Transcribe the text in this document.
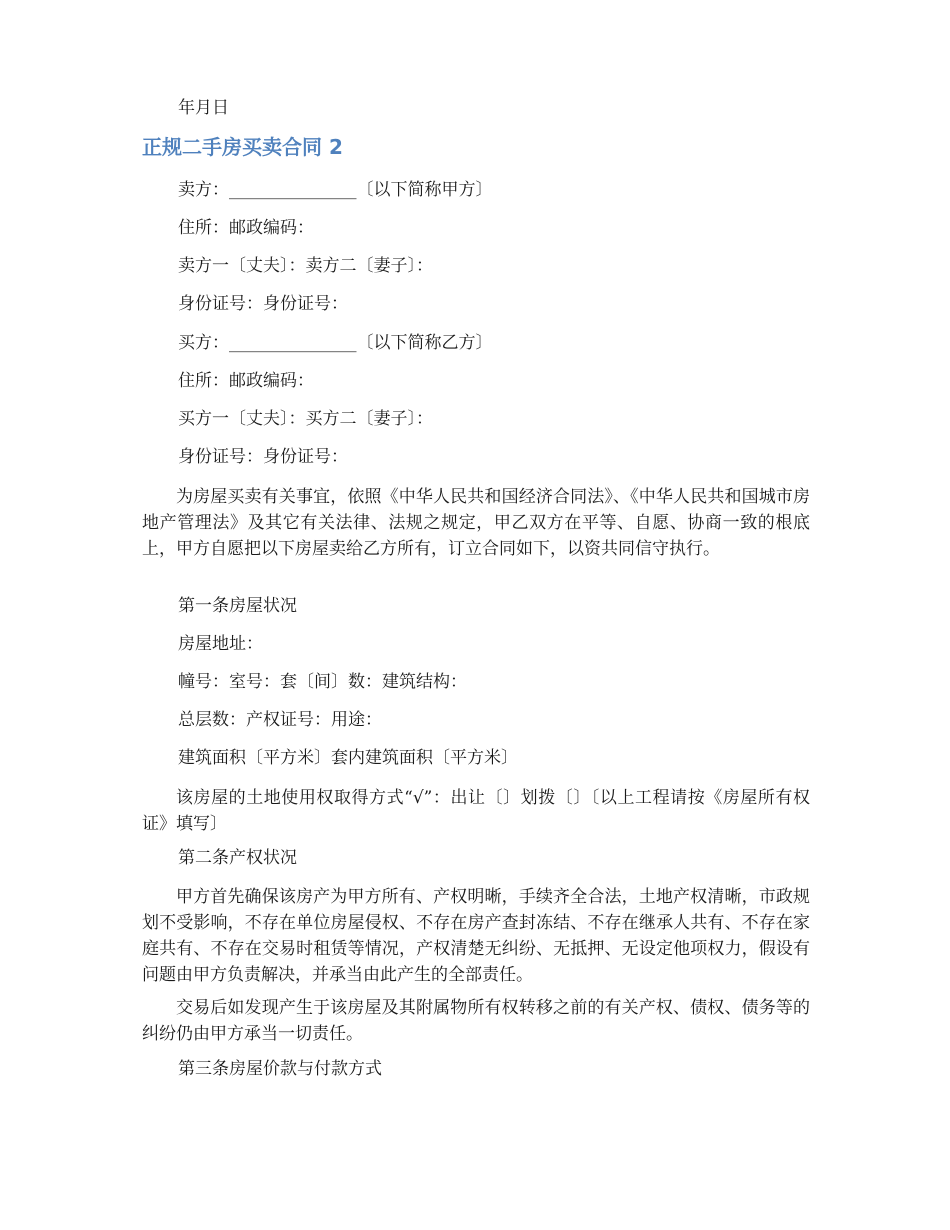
年月日
正规二手房买卖合同 2
卖方：_______________〔以下简称甲方〕
住所：邮政编码：
卖方一〔丈夫〕：卖方二〔妻子〕：
身份证号：身份证号：
买方：_______________〔以下简称乙方〕
住所：邮政编码：
买方一〔丈夫〕：买方二〔妻子〕：
身份证号：身份证号：
为房屋买卖有关事宜，依照《中华人民共和国经济合同法》、《中华人民共和国城市房地产管理法》及其它有关法律、法规之规定，甲乙双方在平等、自愿、协商一致的根底上，甲方自愿把以下房屋卖给乙方所有，订立合同如下，以资共同信守执行。
第一条房屋状况
房屋地址：
幢号：室号：套〔间〕数：建筑结构：
总层数：产权证号：用途：
建筑面积〔平方米〕套内建筑面积〔平方米〕
该房屋的土地使用权取得方式“√”：出让〔〕划拨〔〕〔以上工程请按《房屋所有权证》填写〕
第二条产权状况
甲方首先确保该房产为甲方所有、产权明晰，手续齐全合法，土地产权清晰，市政规划不受影响，不存在单位房屋侵权、不存在房产查封冻结、不存在继承人共有、不存在家庭共有、不存在交易时租赁等情况，产权清楚无纠纷、无抵押、无设定他项权力，假设有问题由甲方负责解决，并承当由此产生的全部责任。
交易后如发现产生于该房屋及其附属物所有权转移之前的有关产权、债权、债务等的纠纷仍由甲方承当一切责任。
第三条房屋价款与付款方式
